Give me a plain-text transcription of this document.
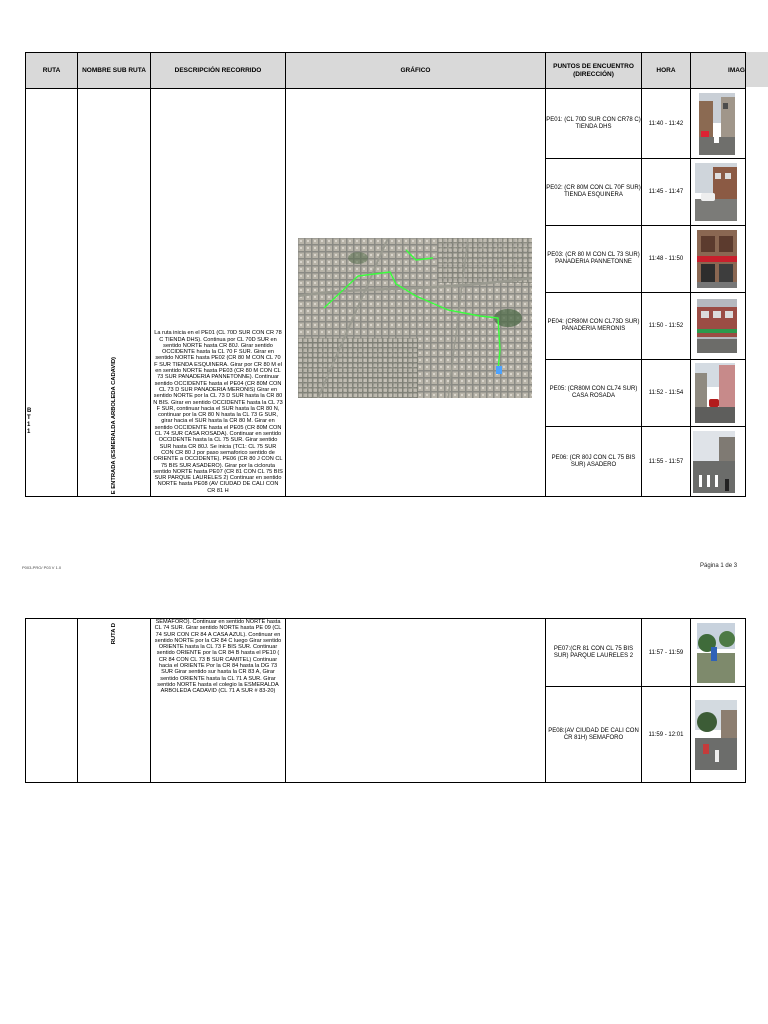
RUTA	NOMBRE SUB RUTA	DESCRIPCIÓN RECORRIDO	GRÁFICO	PUNTOS DE ENCUENTRO (DIRECCIÓN)	HORA	IMAG

B T 1 1	E ENTRADA (ESMERALDA ARBOLEDA CADAVID)	La ruta inicia en el PE01 (CL 70D SUR CON CR 78 C TIENDA DHS). Continua por CL 70D SUR en sentido NORTE hasta CR 80J. Girar sentido OCCIDENTE hasta la CL 70 F SUR. Girar en sentido NORTE hasta PE02 (CR 80 M CON CL 70 F SUR TIENDA ESQUINERA. Girar por CR 80 M el en sentido NORTE hasta PE03 (CR 80 M CON CL 73 SUR PANADERIA PANNETONNE). Continuar sentido OCCIDENTE hasta el PE04 (CR 80M CON CL 73 D SUR PANADERIA MERONIS) Girar en sentido NORTE por la CL 73 D SUR hasta la CR 80 N BIS. Girar en sentido OCCIDENTE hasta la CL 73 F SUR, continuar hacia el SUR hasta la CR 80 N, continuar por la CR 80 N hasta la CL 73 G SUR, girar hacia el SUR hasta la CR 80 M. Girar en sentido OCCIDENTE hasta el PE05 (CR 80M CON CL 74 SUR CASA ROSADA). Continuar en sentido OCCIDENTE hasta la CL 75 SUR. Girar sentido SUR hasta CR 80J. Se inicia (TC1: CL 75 SUR CON CR 80 J por paso semaforico sentido de ORIENTE a OCCIDENTE). PE06 (CR 80 J CON CL 75 BIS SUR ASADERO). Girar por la cicloruta sentido NORTE hasta PE07 (CR 81 CON CL 75 BIS SUR PARQUE LAURELES 2) Continuar en sentido NORTE hasta PE08 (AV CIUDAD DE CALI CON CR 81 H		PE01: (CL 70D SUR CON CR78 C) TIENDA DHS	11:40 - 11:42	

				PE02: (CR 80M CON CL 70F SUR) TIENDA ESQUINERA	11:45 - 11:47	

				PE03: (CR 80 M CON CL 73 SUR) PANADERIA PANNETONNE	11:48 - 11:50	

				PE04: (CR80M CON CL73D SUR) PANADERIA MERONIS	11:50 - 11:52	

				PE05: (CR80M CON CL74 SUR) CASA ROSADA	11:52 - 11:54	

				PE06: (CR 80J CON CL 75 BIS SUR) ASADERO	11:55 - 11:57	
P003-PRO/ P03 V 1.0	Página 1 de 3

	RUTA D	SEMAFORO). Continuar en sentido NORTE hasta CL 74 SUR. Girar sentido NORTE hasta PE 09 (CL 74 SUR CON CR 84 A CASA AZUL). Continuar en sentido NORTE por la CR 84 C luego Girar sentido ORIENTE hasta la CL 73 F BIS SUR. Continuar sentido ORIENTE por la CR 84 B hasta el PE10 ( CR 84 CON CL 73 B SUR CAMITEL) Continuar hacia el ORIENTE Por la CR 84 hasta la DG 73 SUR Girar sentido sur hasta la CR 83 A, Girar sentido ORIENTE hasta la CL 71 A SUR. Girar sentido NORTE hasta el colegio la ESMERALDA ARBOLEDA CADAVID (CL 71 A SUR # 83-20)		PE07:(CR 81 CON CL 75 BIS SUR) PARQUE LAURELES 2	11:57 - 11:59	

				PE08:(AV CIUDAD DE CALI CON CR 81H) SEMAFORO	11:59 - 12:01	
